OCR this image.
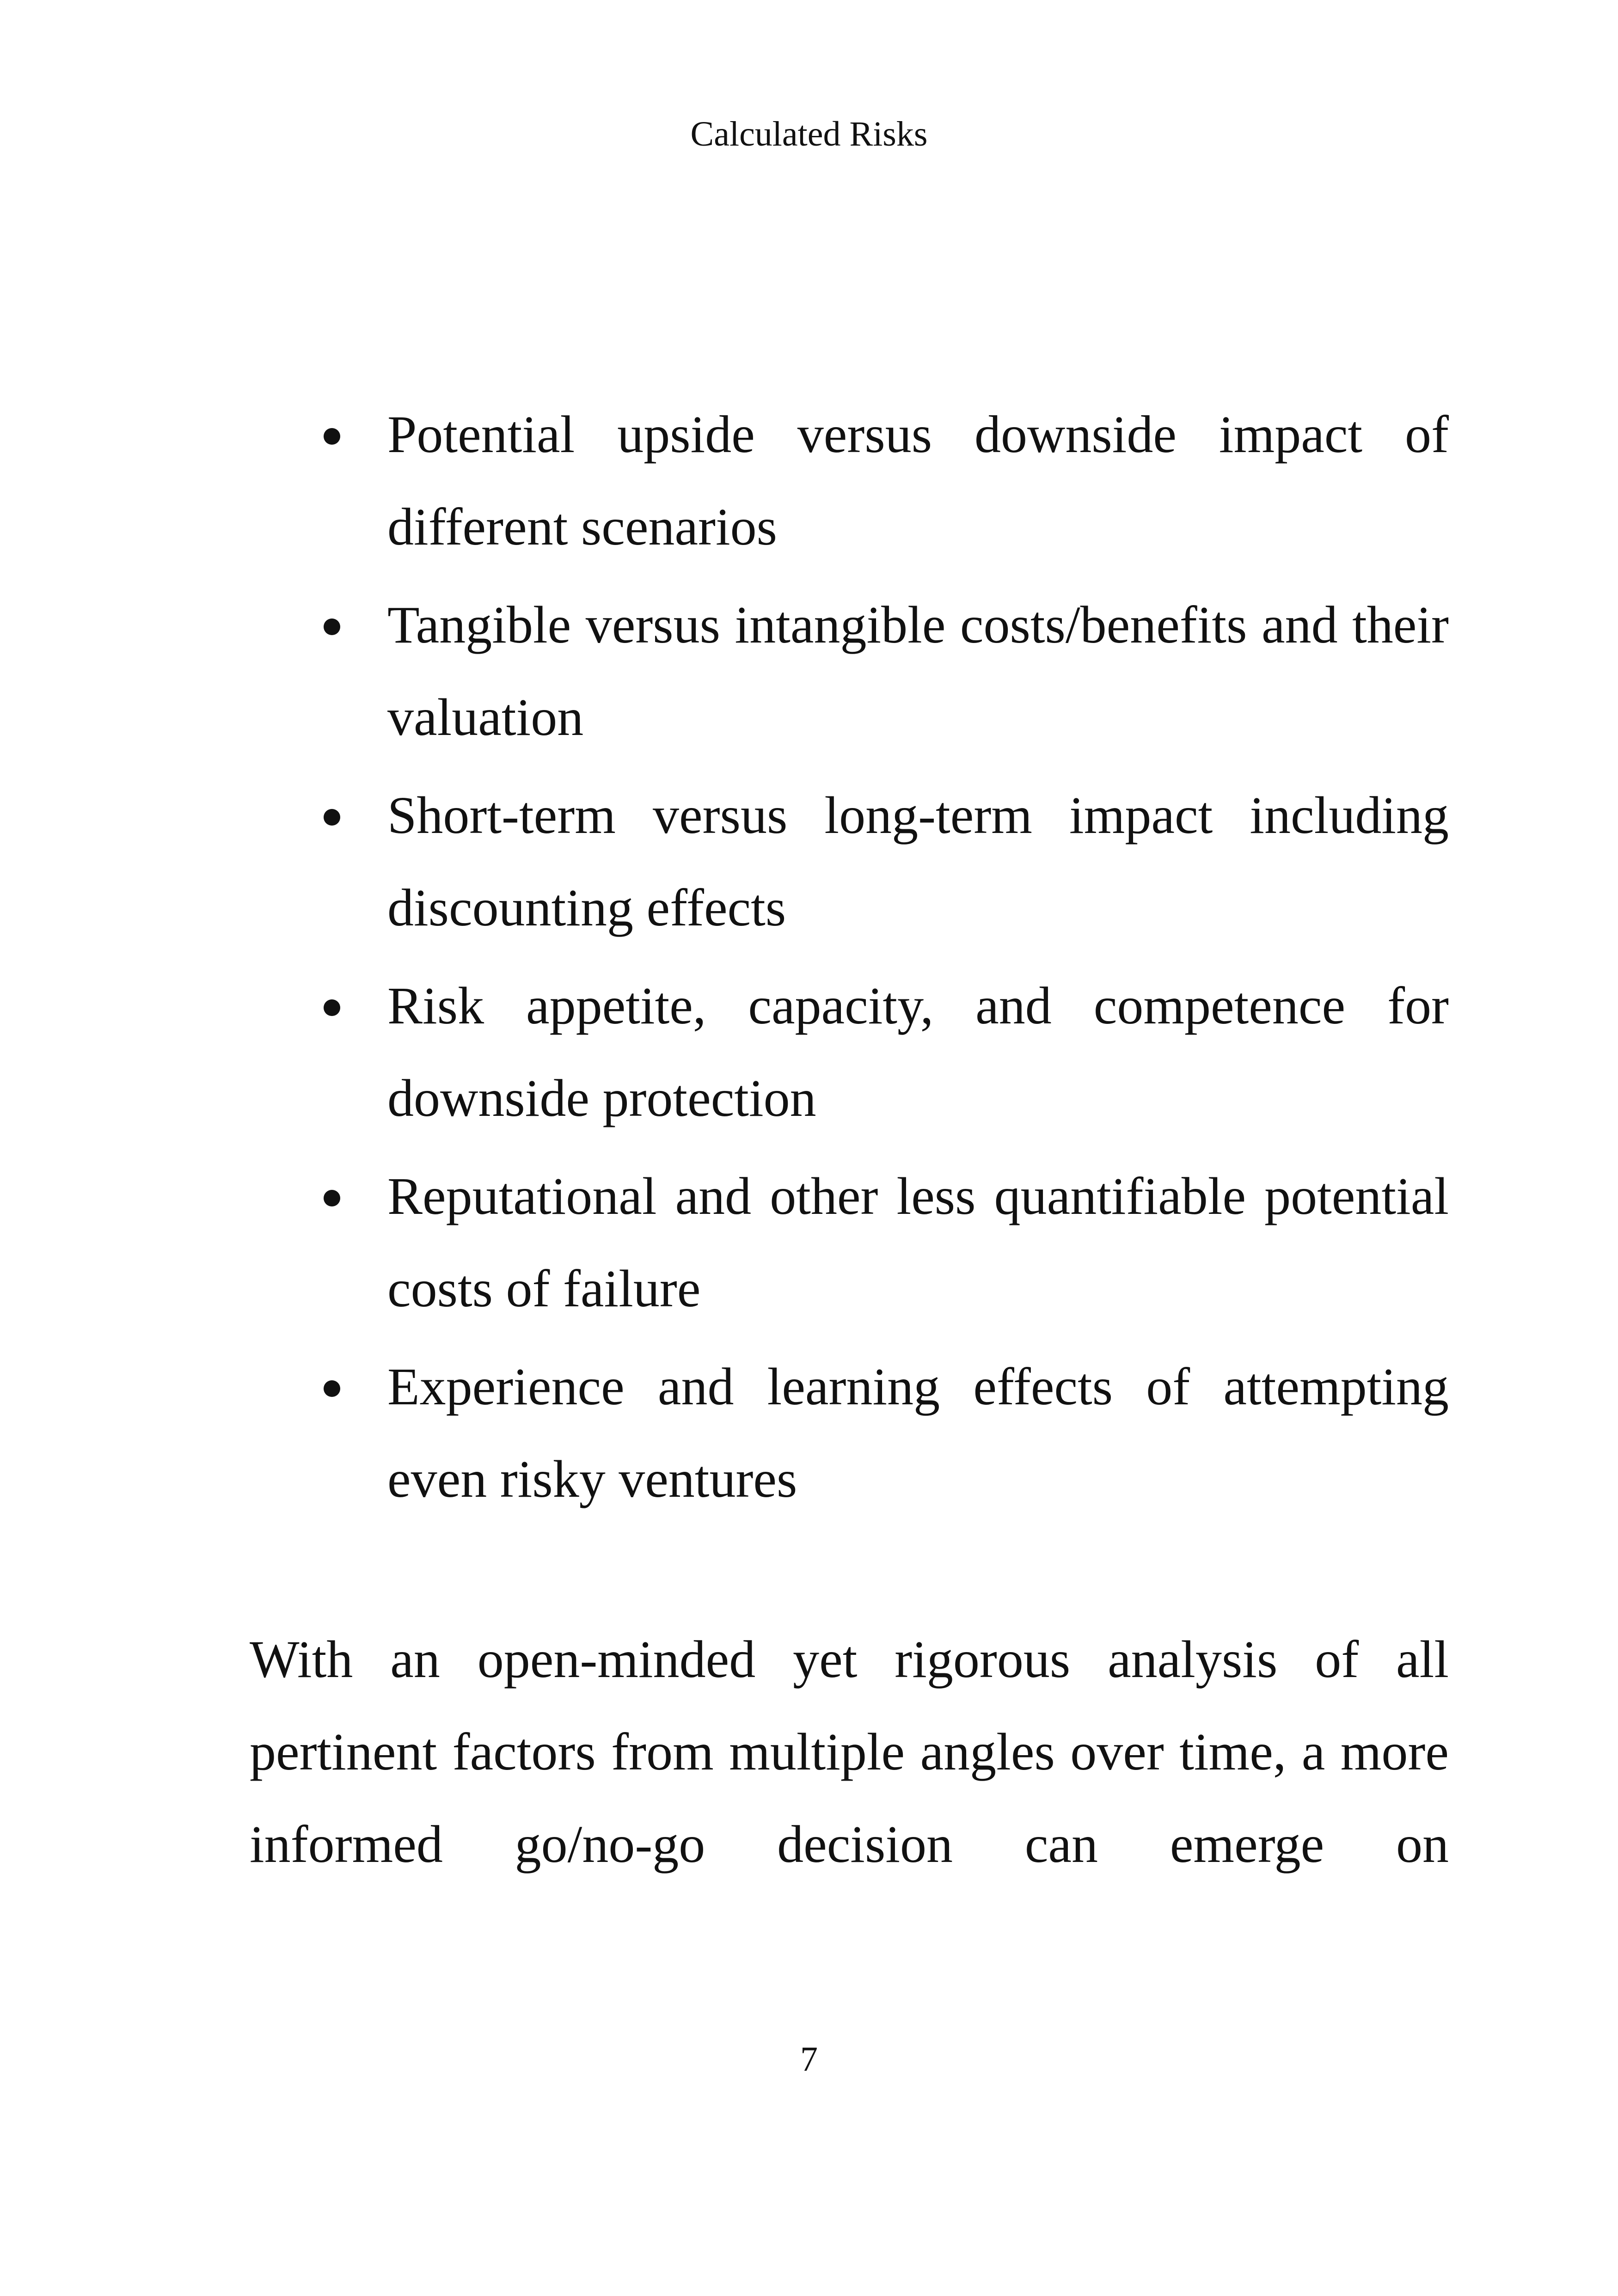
Calculated Risks
Potential upside versus downside impact of different scenarios
Tangible versus intangible costs/benefits and their valuation
Short-term versus long-term impact including discounting effects
Risk appetite, capacity, and competence for downside protection
Reputational and other less quantifiable potential costs of failure
Experience and learning effects of attempting even risky ventures

With an open-minded yet rigorous analysis of all pertinent factors from multiple angles over time, a more informed go/no-go decision can emerge on

7
